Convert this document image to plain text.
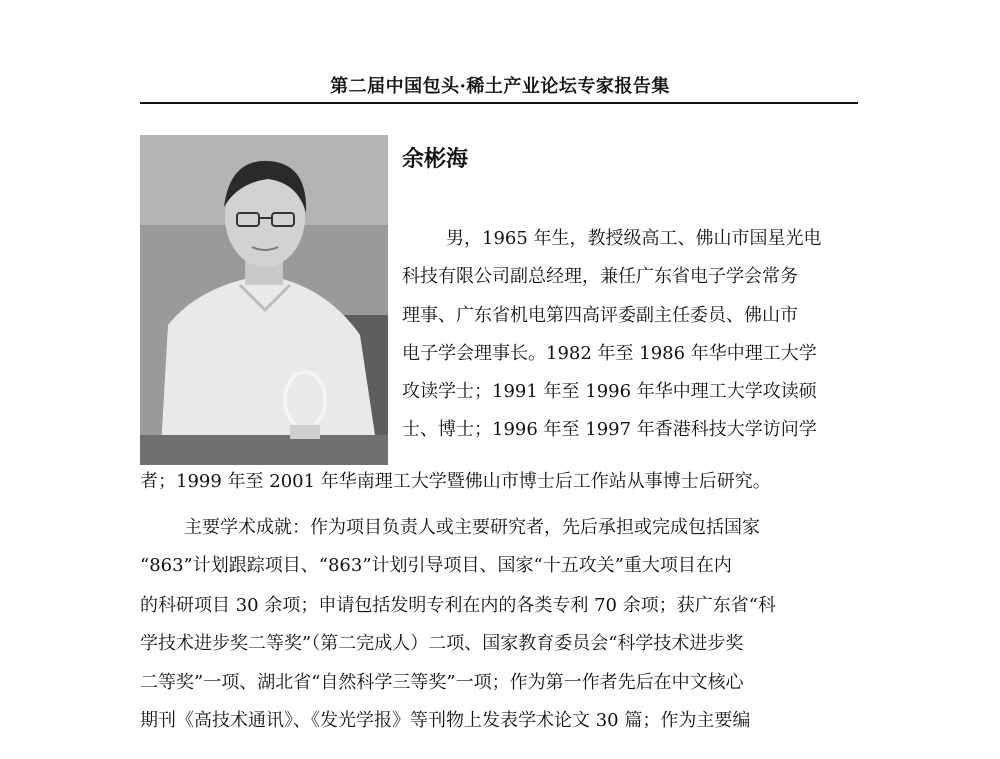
第二届中国包头·稀土产业论坛专家报告集
余彬海
男，1965 年生，教授级高工、佛山市国星光电
科技有限公司副总经理，兼任广东省电子学会常务
理事、广东省机电第四高评委副主任委员、佛山市
电子学会理事长。1982 年至 1986 年华中理工大学
攻读学士；1991 年至 1996 年华中理工大学攻读硕
士、博士；1996 年至 1997 年香港科技大学访问学
者；1999 年至 2001 年华南理工大学暨佛山市博士后工作站从事博士后研究。
主要学术成就：作为项目负责人或主要研究者，先后承担或完成包括国家
“863”计划跟踪项目、“863”计划引导项目、国家“十五攻关”重大项目在内
的科研项目 30 余项；申请包括发明专利在内的各类专利 70 余项；获广东省“科
学技术进步奖二等奖”（第二完成人）二项、国家教育委员会“科学技术进步奖
二等奖”一项、湖北省“自然科学三等奖”一项；作为第一作者先后在中文核心
期刊《高技术通讯》、《发光学报》等刊物上发表学术论文 30 篇；作为主要编
